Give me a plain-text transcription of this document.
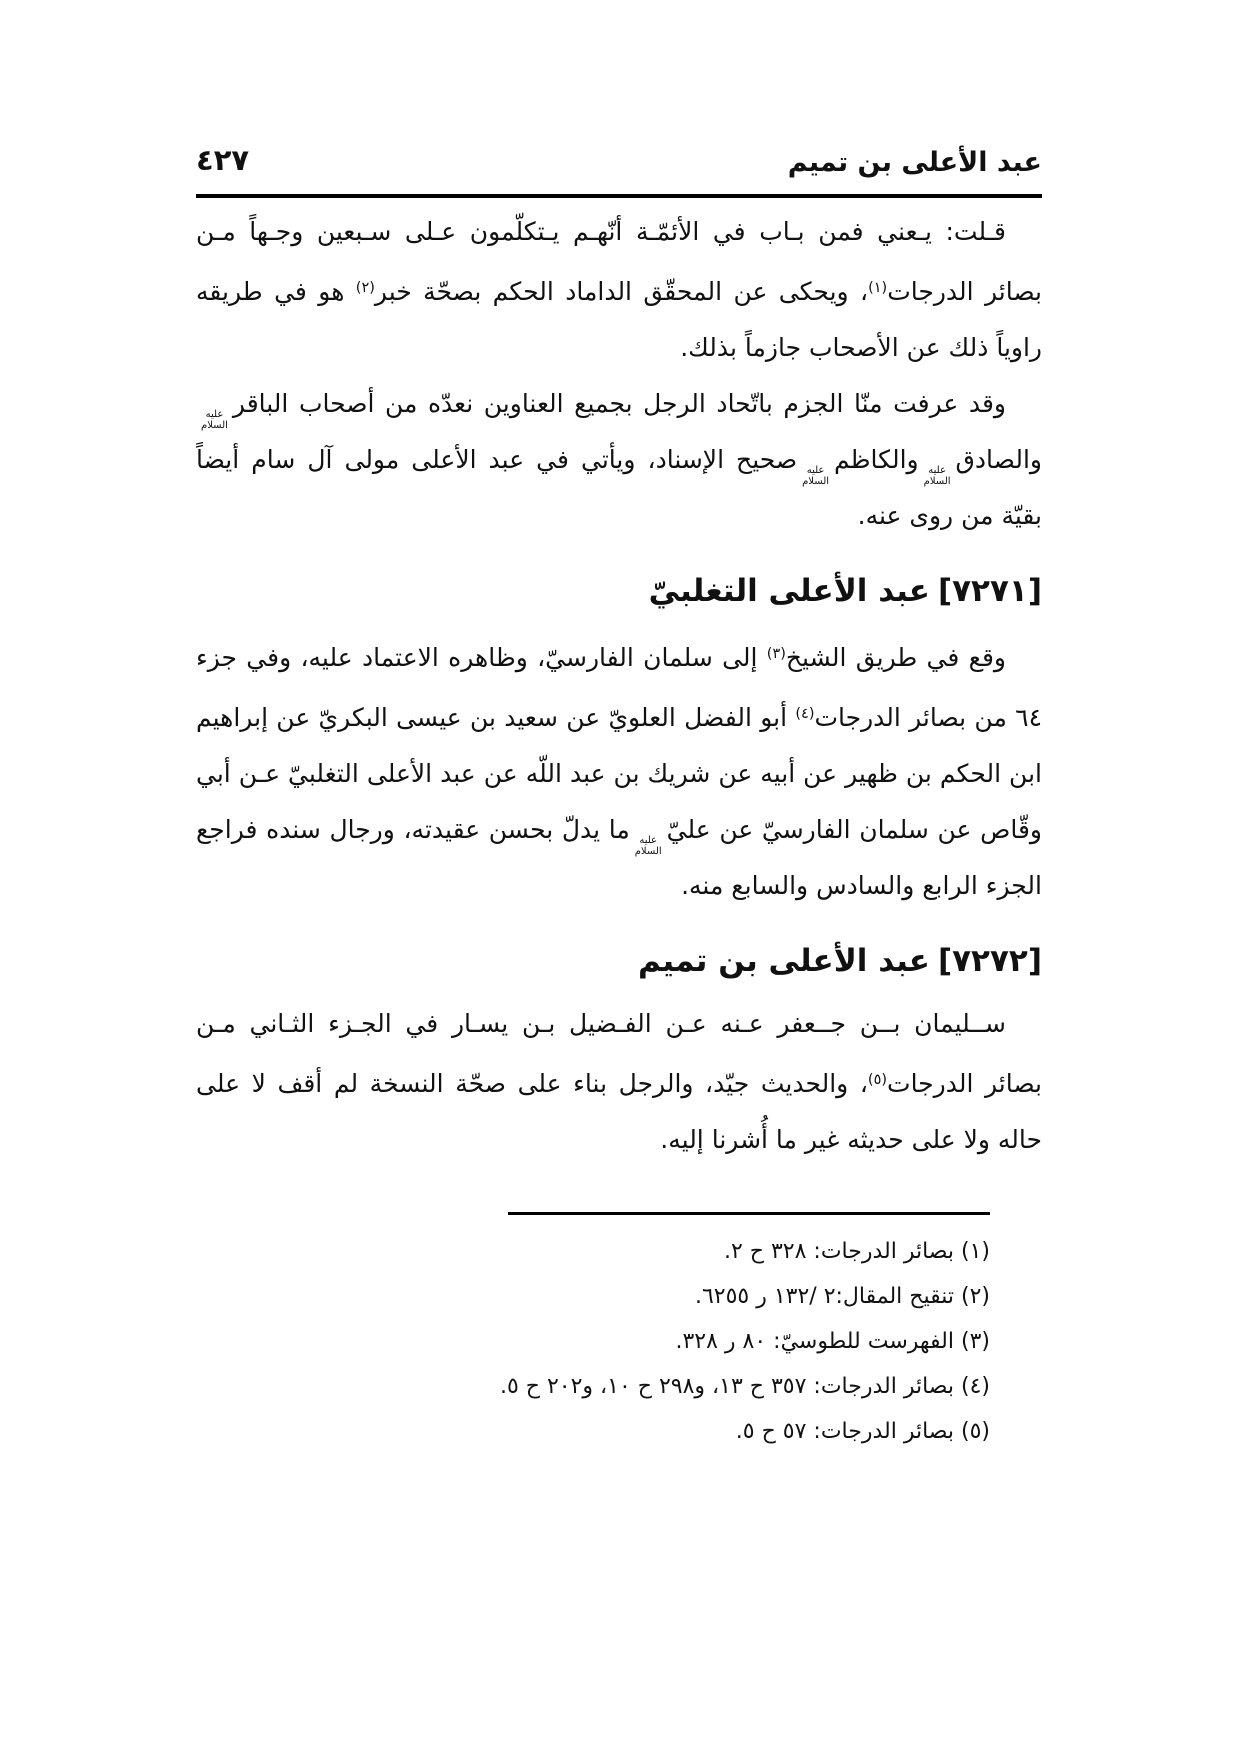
عبد الأعلى بن تميم
٤٢٧

قـلت: يـعني فمن بـاب في الأئمّـة أنّهـم يـتكلّمون عـلى سـبعين وجـهاً مـن بصائر الدرجات$^{(١)}$، ويحكى عن المحقّق الداماد الحكم بصحّة خبر$^{(٢)}$ هو في طريقه راوياً ذلك عن الأصحاب جازماً بذلك.

وقد عرفت منّا الجزم باتّحاد الرجل بجميع العناوين نعدّه من أصحاب الباقر
عليه
السلام
والصادق
عليه
السلام
والكاظم
عليه
السلام
صحيح الإسناد، ويأتي في عبد الأعلى مولى آل سام أيضاً بقيّة من روى عنه.

[٧٢٧١]عبد الأعلى التغلبيّ

وقع في طريق الشيخ$^{(٣)}$ إلى سلمان الفارسيّ، وظاهره الاعتماد عليه، وفي جزء ٦٤ من بصائر الدرجات$^{(٤)}$ أبو الفضل العلويّ عن سعيد بن عيسى البكريّ عن إبراهيم ابن الحكم بن ظهير عن أبيه عن شريك بن عبد اللّه عن عبد الأعلى التغلبيّ عـن أبي وقّاص عن سلمان الفارسيّ عن عليّ
عليه
السلام
ما يدلّ بحسن عقيدته، ورجال سنده فراجع الجزء الرابع والسادس والسابع منه.

[٧٢٧٢]عبد الأعلى بن تميم

ســليمان بــن جــعفر عـنه عـن الفـضيل بـن يسـار في الجـزء الثـاني مـن بصائر الدرجات$^{(٥)}$، والحديث جيّد، والرجل بناء على صحّة النسخة لم أقف لا على حاله ولا على حديثه غير ما أُشرنا إليه.

(١) بصائر الدرجات: ٣٢٨ ح ٢.
(٢) تنقيح المقال:٢ /١٣٢ ر ٦٢٥٥.
(٣) الفهرست للطوسيّ: ٨٠ ر ٣٢٨.
(٤) بصائر الدرجات: ٣٥٧ ح ١٣، و٢٩٨ ح ١٠، و٢٠٢ ح ٥.
(٥) بصائر الدرجات: ٥٧ ح ٥.
